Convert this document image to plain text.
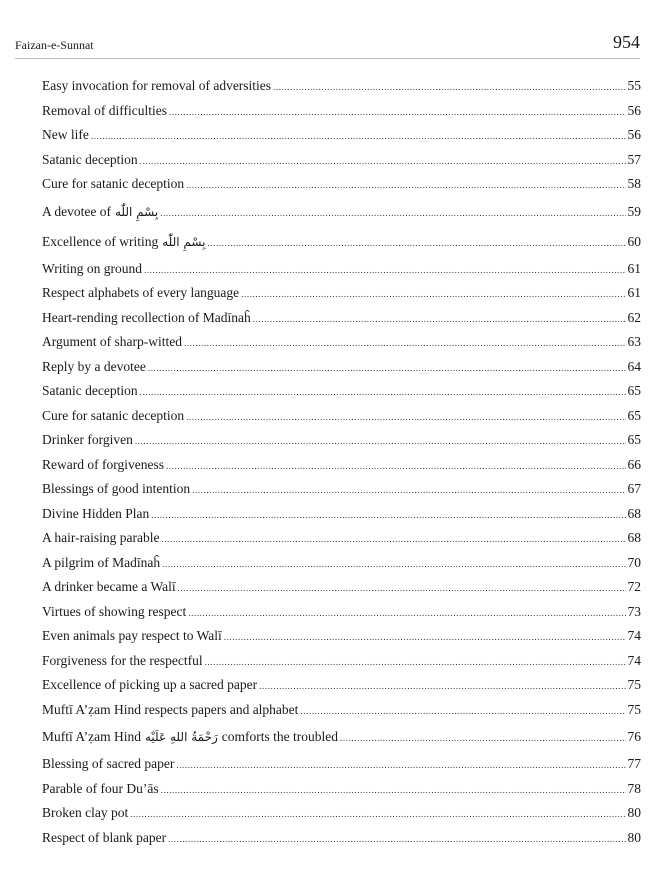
Faizan-e-Sunnat	954
Easy invocation for removal of adversities .....	55
Removal of difficulties .....	56
New life .....	56
Satanic deception .....	57
Cure for satanic deception .....	58
A devotee of بِسْمِ اللّٰه .....	59
Excellence of writing بِسْمِ اللّٰه .....	60
Writing on ground .....	61
Respect alphabets of every language .....	61
Heart-rending recollection of Madīnaĥ .....	62
Argument of sharp-witted .....	63
Reply by a devotee .....	64
Satanic deception .....	65
Cure for satanic deception .....	65
Drinker forgiven .....	65
Reward of forgiveness .....	66
Blessings of good intention .....	67
Divine Hidden Plan .....	68
A hair-raising parable .....	68
A pilgrim of Madīnaĥ .....	70
A drinker became a Walī .....	72
Virtues of showing respect .....	73
Even animals pay respect to Walī .....	74
Forgiveness for the respectful .....	74
Excellence of picking up a sacred paper .....	75
Muftī A’ẓam Hind respects papers and alphabet .....	75
Muftī A’ẓam Hind رَحْمَةُ اللهِ عَلَيْه comforts the troubled .....	76
Blessing of sacred paper .....	77
Parable of four Du’ās .....	78
Broken clay pot .....	80
Respect of blank paper .....	80
